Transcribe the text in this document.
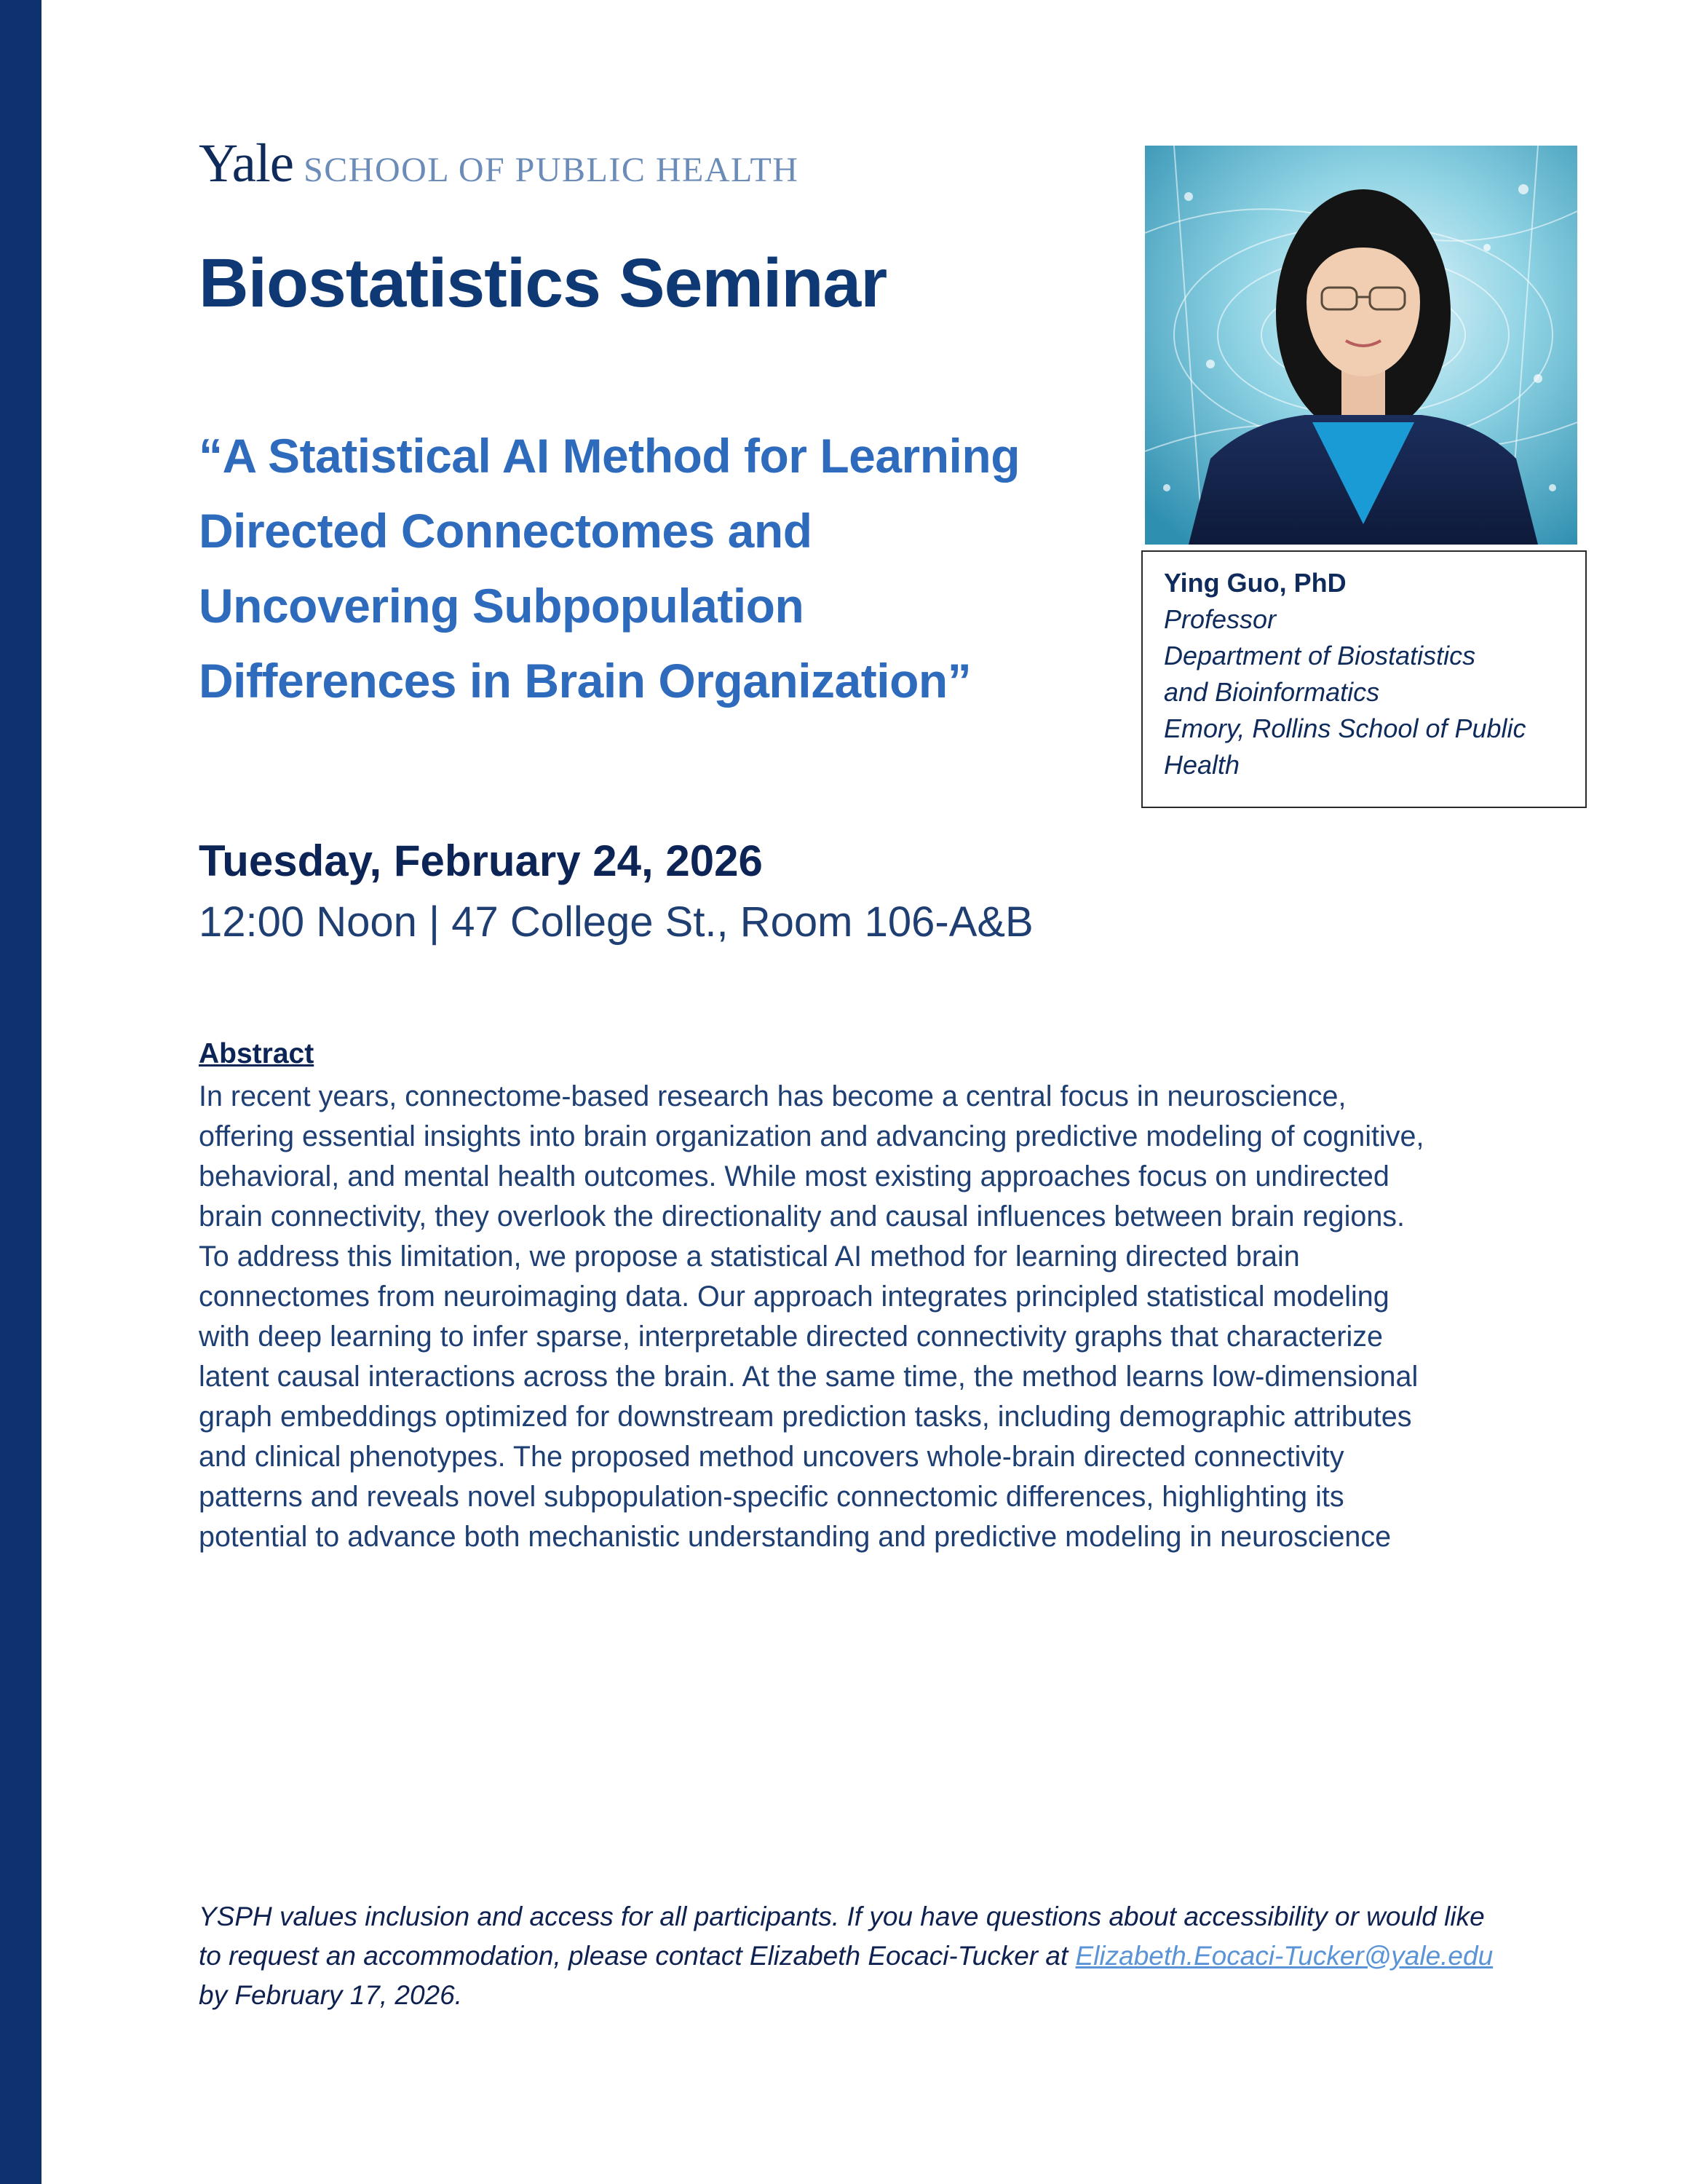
Yale SCHOOL OF PUBLIC HEALTH
Biostatistics Seminar
“A Statistical AI Method for Learning
Directed Connectomes and
Uncovering Subpopulation
Differences in Brain Organization”
Ying Guo, PhD
Professor
Department of Biostatistics
and Bioinformatics
Emory, Rollins School of Public
Health
Tuesday, February 24, 2026
12:00 Noon | 47 College St., Room 106-A&B
Abstract
In recent years, connectome-based research has become a central focus in neuroscience,
offering essential insights into brain organization and advancing predictive modeling of cognitive,
behavioral, and mental health outcomes. While most existing approaches focus on undirected
brain connectivity, they overlook the directionality and causal influences between brain regions.
To address this limitation, we propose a statistical AI method for learning directed brain
connectomes from neuroimaging data. Our approach integrates principled statistical modeling
with deep learning to infer sparse, interpretable directed connectivity graphs that characterize
latent causal interactions across the brain. At the same time, the method learns low-dimensional
graph embeddings optimized for downstream prediction tasks, including demographic attributes
and clinical phenotypes. The proposed method uncovers whole-brain directed connectivity
patterns and reveals novel subpopulation-specific connectomic differences, highlighting its
potential to advance both mechanistic understanding and predictive modeling in neuroscience
YSPH values inclusion and access for all participants. If you have questions about accessibility or would like
to request an accommodation, please contact Elizabeth Eocaci-Tucker at Elizabeth.Eocaci-Tucker@yale.edu
by February 17, 2026.
